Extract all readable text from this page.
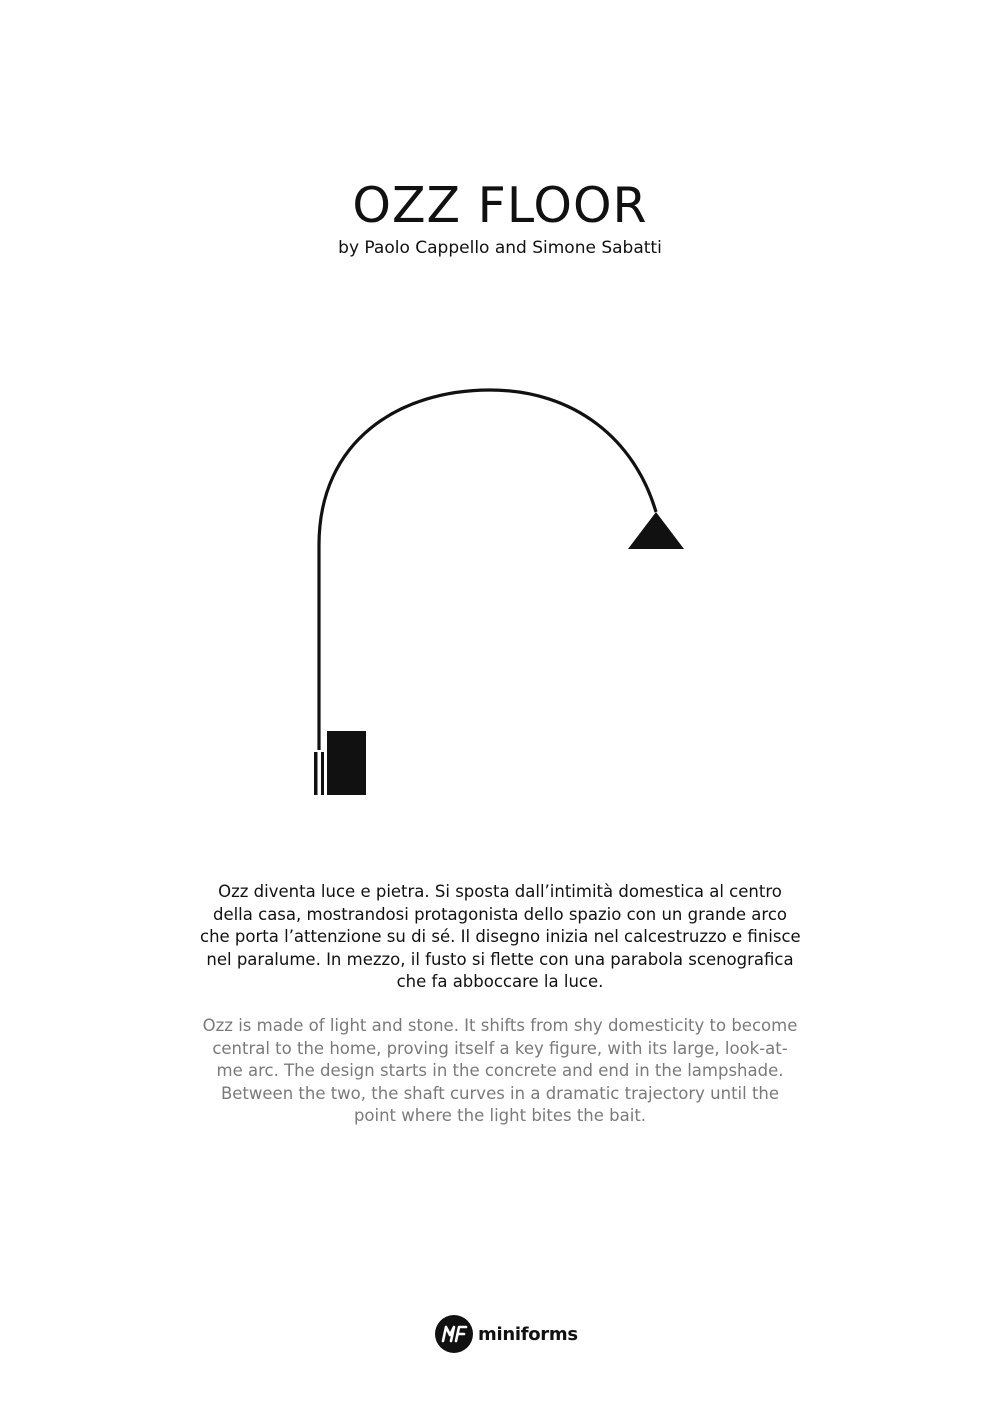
OZZ FLOOR

by Paolo Cappello and Simone Sabatti

Ozz diventa luce e pietra. Si sposta dall’intimità domestica al centro
della casa, mostrandosi protagonista dello spazio con un grande arco
che porta l’attenzione su di sé. Il disegno inizia nel calcestruzzo e finisce
nel paralume. In mezzo, il fusto si flette con una parabola scenografica
che fa abboccare la luce.
Ozz is made of light and stone. It shifts from shy domesticity to become
central to the home, proving itself a key figure, with its large, look-at-
me arc. The design starts in the concrete and end in the lampshade.
Between the two, the shaft curves in a dramatic trajectory until the
point where the light bites the bait.
miniforms
